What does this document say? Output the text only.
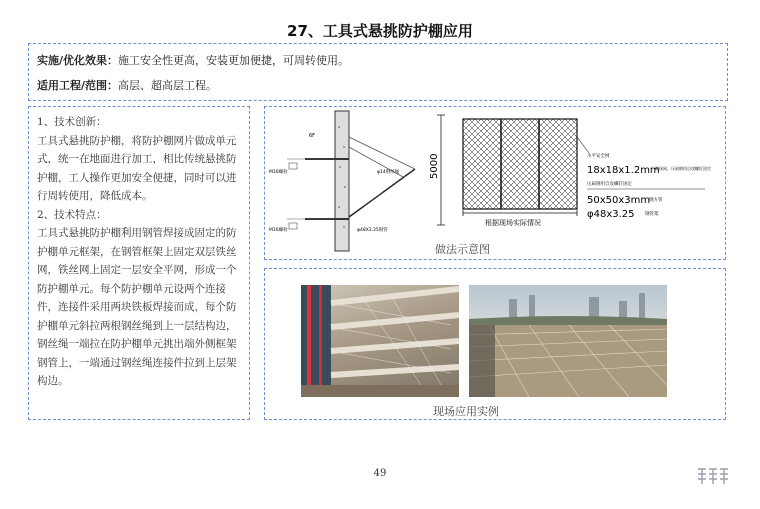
27、工具式悬挑防护棚应用
实施/优化效果：施工安全性更高，安装更加便捷，可周转使用。
适用工程/范围：高层、超高层工程。

1、技术创新：

工具式悬挑防护棚，将防护棚网片做成单元式，统一在地面进行加工，相比传统悬挑防护棚，工人操作更加安全便捷，同时可以进行周转使用，降低成本。

2、技术特点：

工具式悬挑防护棚利用钢管焊接成固定的防护棚单元框架，在钢管框架上固定双层铁丝网，铁丝网上固定一层安全平网，形成一个防护棚单元。每个防护棚单元设两个连接件，连接件采用两块铁板焊接而成，每个防护棚单元斜拉两根钢丝绳到上一层结构边，钢丝绳一端拉在防护棚单元挑出端外侧框架钢管上，一端通过钢丝绳连接件拉到上层架构边。

6F
M16螺栓
M16螺栓
φ14钢丝绳
φ48X3.25钢管
5000
根据现场实际情况
水平安全网
18x18x1.2mm
钢丝网，压扁钢用自攻螺钉固定
压扁钢用自攻螺钉固定
50x50x3mm
钢方管
φ48x3.25 钢管架
做法示意图
现场应用实例
49
